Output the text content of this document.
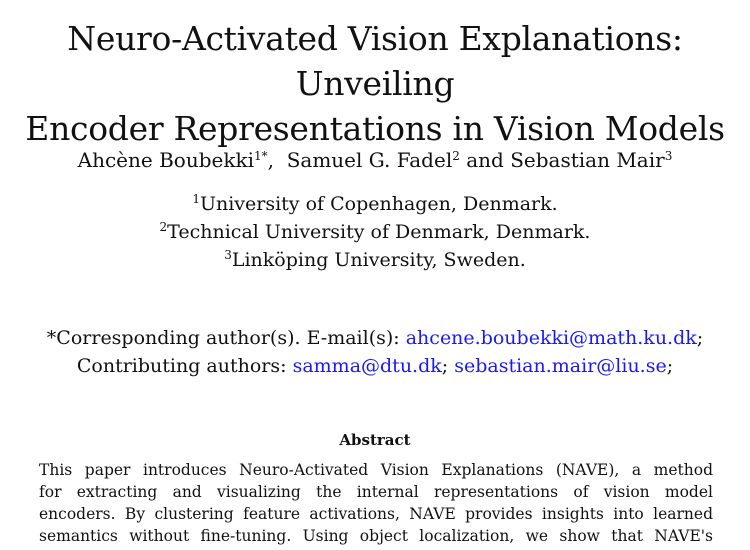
Neuro-Activated Vision Explanations: Unveiling
Encoder Representations in Vision Models
Ahcène Boubekki$^{1*}$, Samuel G. Fadel$^2$ and Sebastian Mair$^3$
$^1$University of Copenhagen, Denmark.
$^2$Technical University of Denmark, Denmark.
$^3$Linköping University, Sweden.
*Corresponding author(s). E-mail(s): ahcene.boubekki@math.ku.dk;
Contributing authors: samma@dtu.dk; sebastian.mair@liu.se;
Abstract
This paper introduces Neuro-Activated Vision Explanations (NAVE), a method
for extracting and visualizing the internal representations of vision model
encoders. By clustering feature activations, NAVE provides insights into learned
semantics without fine-tuning. Using object localization, we show that NAVE's
